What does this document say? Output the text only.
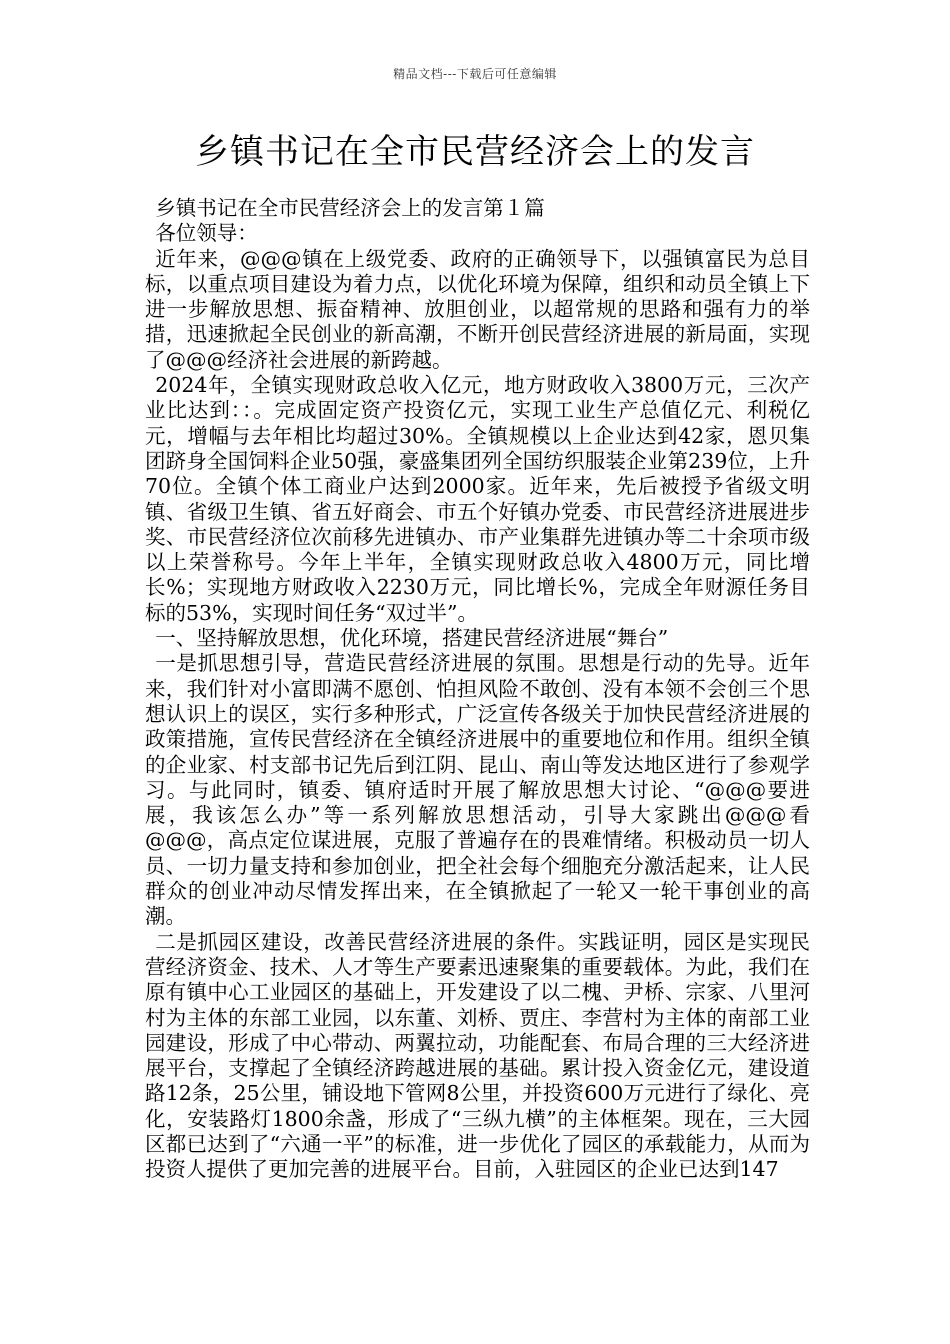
精品文档---下载后可任意编辑
乡镇书记在全市民营经济会上的发言

乡镇书记在全市民营经济会上的发言第１篇

各位领导：

近年来，@@@镇在上级党委、政府的正确领导下，以强镇富民为总目标，以重点项目建设为着力点，以优化环境为保障，组织和动员全镇上下进一步解放思想、振奋精神、放胆创业，以超常规的思路和强有力的举措，迅速掀起全民创业的新高潮，不断开创民营经济进展的新局面，实现了@@@经济社会进展的新跨越。

2024年，全镇实现财政总收入亿元，地方财政收入3800万元，三次产业比达到：：。完成固定资产投资亿元，实现工业生产总值亿元、利税亿元，增幅与去年相比均超过30%。全镇规模以上企业达到42家，恩贝集团跻身全国饲料企业50强，豪盛集团列全国纺织服装企业第239位，上升70位。全镇个体工商业户达到2000家。近年来，先后被授予省级文明镇、省级卫生镇、省五好商会、市五个好镇办党委、市民营经济进展进步奖、市民营经济位次前移先进镇办、市产业集群先进镇办等二十余项市级以上荣誉称号。今年上半年，全镇实现财政总收入4800万元，同比增长%；实现地方财政收入2230万元，同比增长%，完成全年财源任务目标的53%，实现时间任务“双过半”。

一、坚持解放思想，优化环境，搭建民营经济进展“舞台”

一是抓思想引导，营造民营经济进展的氛围。思想是行动的先导。近年来，我们针对小富即满不愿创、怕担风险不敢创、没有本领不会创三个思想认识上的误区，实行多种形式，广泛宣传各级关于加快民营经济进展的政策措施，宣传民营经济在全镇经济进展中的重要地位和作用。组织全镇的企业家、村支部书记先后到江阴、昆山、南山等发达地区进行了参观学习。与此同时，镇委、镇府适时开展了解放思想大讨论、“@@@要进展，我该怎么办”等一系列解放思想活动，引导大家跳出@@@看@@@，高点定位谋进展，克服了普遍存在的畏难情绪。积极动员一切人员、一切力量支持和参加创业，把全社会每个细胞充分激活起来，让人民群众的创业冲动尽情发挥出来，在全镇掀起了一轮又一轮干事创业的高潮。

二是抓园区建设，改善民营经济进展的条件。实践证明，园区是实现民营经济资金、技术、人才等生产要素迅速聚集的重要载体。为此，我们在原有镇中心工业园区的基础上，开发建设了以二槐、尹桥、宗家、八里河村为主体的东部工业园，以东董、刘桥、贾庄、李营村为主体的南部工业园建设，形成了中心带动、两翼拉动，功能配套、布局合理的三大经济进展平台，支撑起了全镇经济跨越进展的基础。累计投入资金亿元，建设道路12条，25公里，铺设地下管网8公里，并投资600万元进行了绿化、亮化，安装路灯1800余盏，形成了“三纵九横”的主体框架。现在，三大园区都已达到了“六通一平”的标准，进一步优化了园区的承载能力，从而为投资人提供了更加完善的进展平台。目前，入驻园区的企业已达到147
